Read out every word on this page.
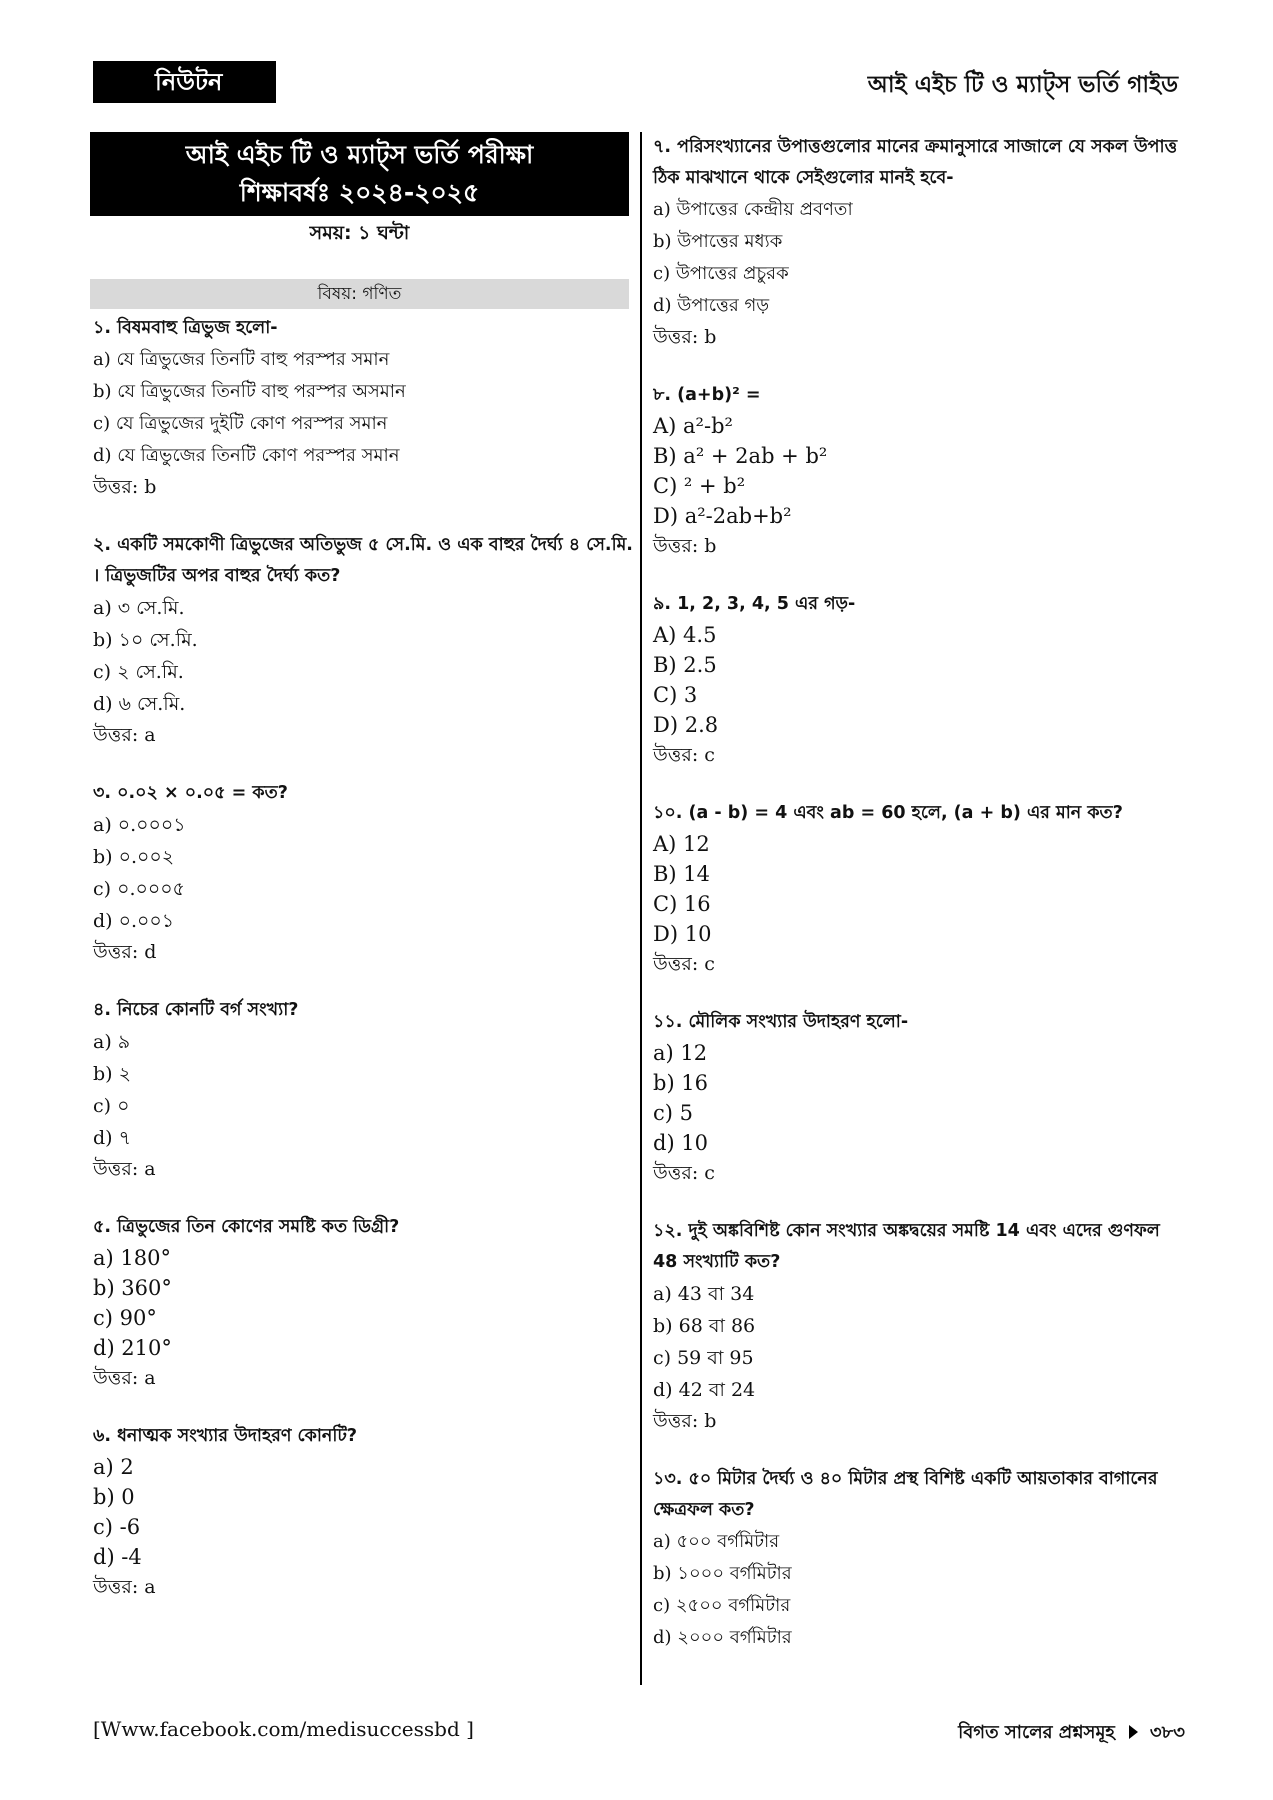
নিউটন	আই এইচ টি ও ম্যাট্স ভর্তি গাইড
আই এইচ টি ও ম্যাট্স ভর্তি পরীক্ষা
শিক্ষাবর্ষঃ ২০২৪-২০২৫
সময়: ১ ঘন্টা
বিষয়: গণিত
১. বিষমবাহু ত্রিভুজ হলো-
a) যে ত্রিভুজের তিনটি বাহু পরস্পর সমান
b) যে ত্রিভুজের তিনটি বাহু পরস্পর অসমান
c) যে ত্রিভুজের দুইটি কোণ পরস্পর সমান
d) যে ত্রিভুজের তিনটি কোণ পরস্পর সমান
উত্তর: b
২. একটি সমকোণী ত্রিভুজের অতিভুজ ৫ সে.মি. ও এক বাহুর দৈর্ঘ্য ৪ সে.মি. । ত্রিভুজটির অপর বাহুর দৈর্ঘ্য কত?
a) ৩ সে.মি.
b) ১০ সে.মি.
c) ২ সে.মি.
d) ৬ সে.মি.
উত্তর: a
৩. ০.০২ × ০.০৫ = কত?
a) ০.০০০১
b) ০.০০২
c) ০.০০০৫
d) ০.০০১
উত্তর: d
৪. নিচের কোনটি বর্গ সংখ্যা?
a) ৯
b) ২
c) ০
d) ৭
উত্তর: a
৫. ত্রিভুজের তিন কোণের সমষ্টি কত ডিগ্রী?
a) 180°
b) 360°
c) 90°
d) 210°
উত্তর: a
৬. ধনাত্মক সংখ্যার উদাহরণ কোনটি?
a) 2
b) 0
c) -6
d) -4
উত্তর: a
৭. পরিসংখ্যানের উপাত্তগুলোর মানের ক্রমানুসারে সাজালে যে সকল উপাত্ত ঠিক মাঝখানে থাকে সেইগুলোর মানই হবে-
a) উপাত্তের কেন্দ্রীয় প্রবণতা
b) উপাত্তের মধ্যক
c) উপাত্তের প্রচুরক
d) উপাত্তের গড়
উত্তর: b
৮. (a+b)² =
A) a²-b²
B) a² + 2ab + b²
C) ² + b²
D) a²-2ab+b²
উত্তর: b
৯. 1, 2, 3, 4, 5 এর গড়-
A) 4.5
B) 2.5
C) 3
D) 2.8
উত্তর: c
১০. (a - b) = 4 এবং ab = 60 হলে, (a + b) এর মান কত?
A) 12
B) 14
C) 16
D) 10
উত্তর: c
১১. মৌলিক সংখ্যার উদাহরণ হলো-
a) 12
b) 16
c) 5
d) 10
উত্তর: c
১২. দুই অঙ্কবিশিষ্ট কোন সংখ্যার অঙ্কদ্বয়ের সমষ্টি 14 এবং এদের গুণফল 48 সংখ্যাটি কত?
a) 43 বা 34
b) 68 বা 86
c) 59 বা 95
d) 42 বা 24
উত্তর: b
১৩. ৫০ মিটার দৈর্ঘ্য ও ৪০ মিটার প্রস্থ বিশিষ্ট একটি আয়তাকার বাগানের ক্ষেত্রফল কত?
a) ৫০০ বর্গমিটার
b) ১০০০ বর্গমিটার
c) ২৫০০ বর্গমিটার
d) ২০০০ বর্গমিটার
[Www.facebook.com/medisuccessbd ]	বিগত সালের প্রশ্নসমূহ ৩৮৩
